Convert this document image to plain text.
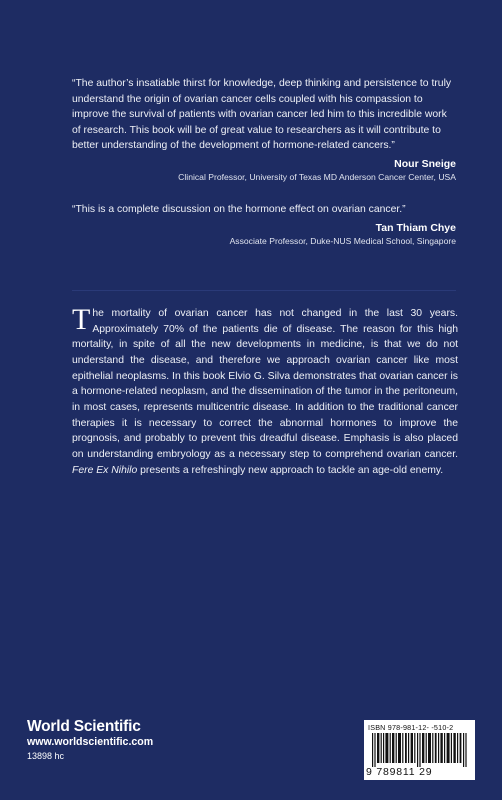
“The author’s insatiable thirst for knowledge, deep thinking and persistence to truly understand the origin of ovarian cancer cells coupled with his compassion to improve the survival of patients with ovarian cancer led him to this incredible work of research. This book will be of great value to researchers as it will contribute to better understanding of the development of hormone-related cancers.”

Nour Sneige
Clinical Professor, University of Texas MD Anderson Cancer Center, USA

“This is a complete discussion on the hormone effect on ovarian cancer.”

Tan Thiam Chye
Associate Professor, Duke-NUS Medical School, Singapore

The mortality of ovarian cancer has not changed in the last 30 years. Approximately 70% of the patients die of disease. The reason for this high mortality, in spite of all the new developments in medicine, is that we do not understand the disease, and therefore we approach ovarian cancer like most epithelial neoplasms. In this book Elvio G. Silva demonstrates that ovarian cancer is a hormone-related neoplasm, and the dissemination of the tumor in the peritoneum, in most cases, represents multicentric disease. In addition to the traditional cancer therapies it is necessary to correct the abnormal hormones to improve the prognosis, and probably to prevent this dreadful disease. Emphasis is also placed on understanding embryology as a necessary step to comprehend ovarian cancer. Fere Ex Nihilo presents a refreshingly new approach to tackle an age-old enemy.

World Scientific
www.worldscientific.com
13898 hc
ISBN 978-981-12- -510-2
9 789811 29
